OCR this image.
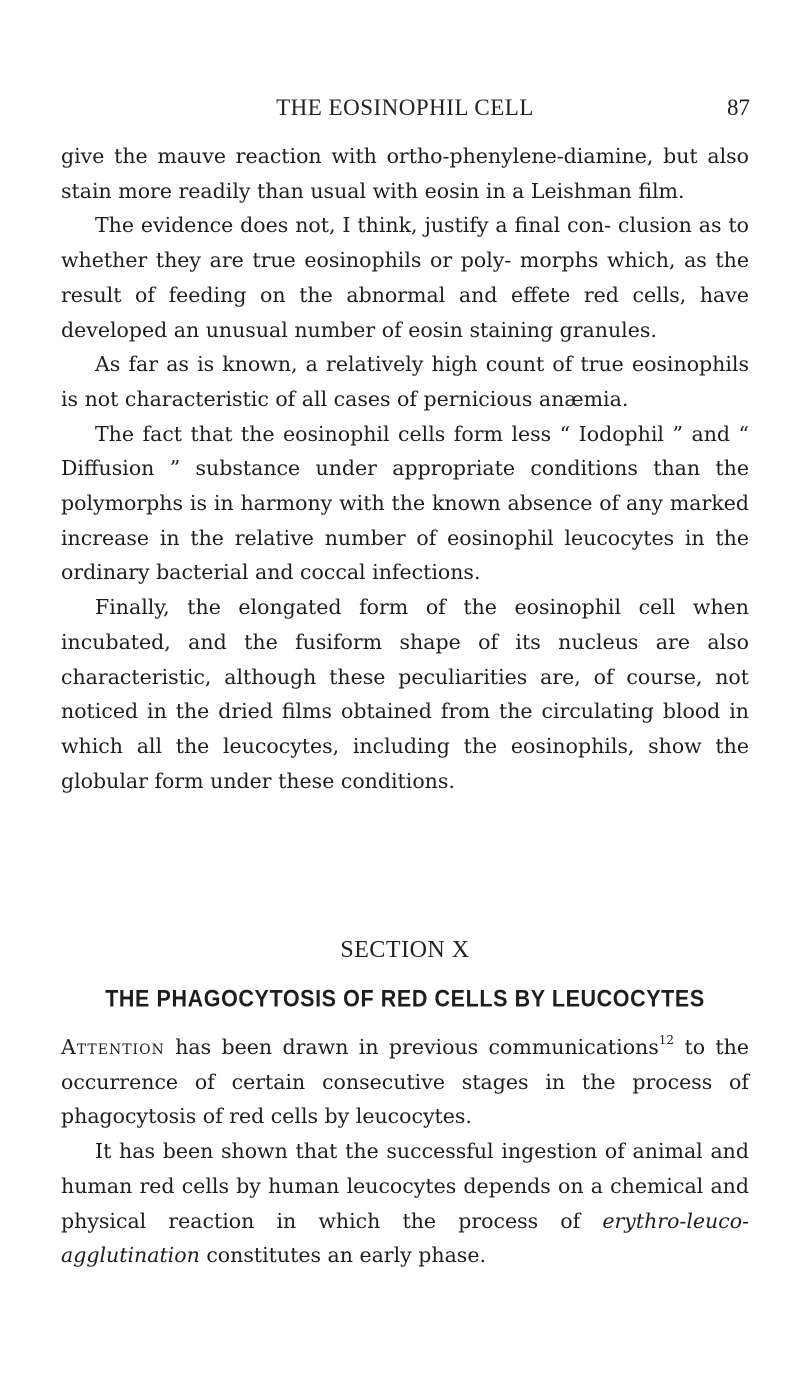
THE EOSINOPHIL CELL	87

give the mauve reaction with ortho-phenylene-diamine, but also stain more readily than usual with eosin in a Leishman film.

The evidence does not, I think, justify a final con- clusion as to whether they are true eosinophils or poly- morphs which, as the result of feeding on the abnormal and effete red cells, have developed an unusual number of eosin staining granules.

As far as is known, a relatively high count of true eosinophils is not characteristic of all cases of pernicious anæmia.

The fact that the eosinophil cells form less “ Iodophil ” and “ Diffusion ” substance under appropriate conditions than the polymorphs is in harmony with the known absence of any marked increase in the relative number of eosinophil leucocytes in the ordinary bacterial and coccal infections.

Finally, the elongated form of the eosinophil cell when incubated, and the fusiform shape of its nucleus are also characteristic, although these peculiarities are, of course, not noticed in the dried films obtained from the circulating blood in which all the leucocytes, including the eosinophils, show the globular form under these conditions.

SECTION X
THE PHAGOCYTOSIS OF RED CELLS BY LEUCOCYTES

Attention has been drawn in previous communications$^{12}$ to the occurrence of certain consecutive stages in the process of phagocytosis of red cells by leucocytes.

It has been shown that the successful ingestion of animal and human red cells by human leucocytes depends on a chemical and physical reaction in which the process of erythro-leuco-agglutination constitutes an early phase.
